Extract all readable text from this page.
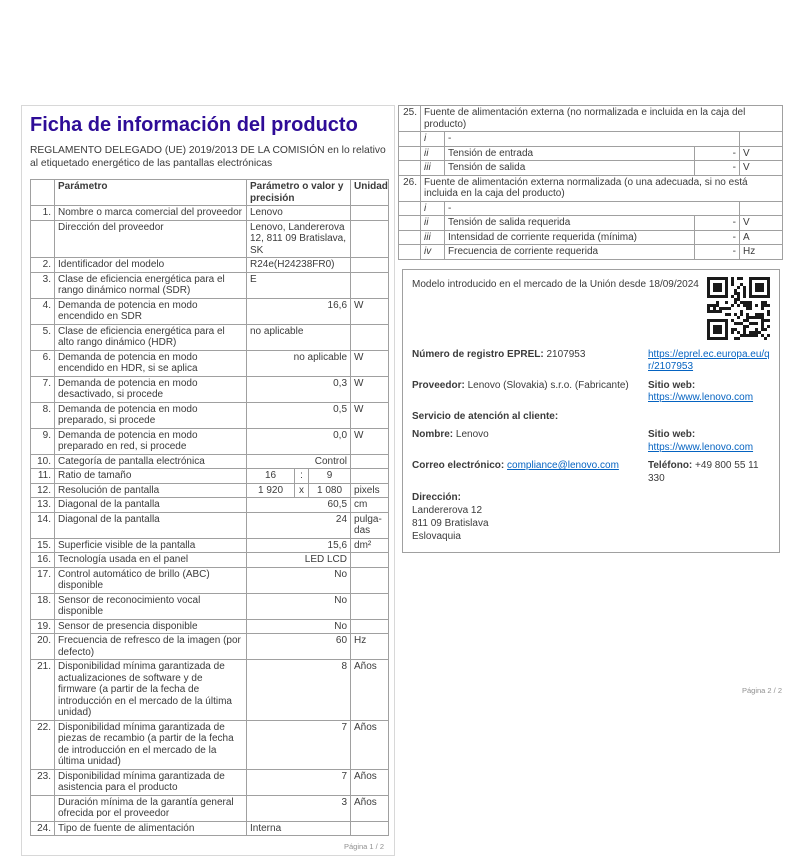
Ficha de información del producto

REGLAMENTO DELEGADO (UE) 2019/2013 DE LA COMISIÓN en lo relativo al etiquetado energético de las pantallas electrónicas

	Parámetro	Parámetro o valor y precisión			Unidad
1.	Nombre o marca comercial del proveedor	Lenovo			
	Dirección del proveedor	Lenovo, Landererova 12, 811 09 Bratislava, SK			
2.	Identificador del modelo	R24e(H24238FR0)			
3.	Clase de eficiencia energética para el rango dinámico normal (SDR)	E			
4.	Demanda de potencia en modo encendido en SDR	16,6			W
5.	Clase de eficiencia energética para el alto rango dinámico (HDR)	no aplicable			
6.	Demanda de potencia en modo encendido en HDR, si se aplica	no aplicable			W
7.	Demanda de potencia en modo desactivado, si procede	0,3			W
8.	Demanda de potencia en modo preparado, si procede	0,5			W
9.	Demanda de potencia en modo preparado en red, si procede	0,0			W
10.	Categoría de pantalla electrónica	Control			
11.	Ratio de tamaño	16	:	9	
12.	Resolución de pantalla	1 920	x	1 080	pixels
13.	Diagonal de la pantalla	60,5			cm
14.	Diagonal de la pantalla	24			pulgadas
15.	Superficie visible de la pantalla	15,6			dm²
16.	Tecnología usada en el panel	LED LCD			
17.	Control automático de brillo (ABC) disponible	No			
18.	Sensor de reconocimiento vocal disponible	No			
19.	Sensor de presencia disponible	No			
20.	Frecuencia de refresco de la imagen (por defecto)	60			Hz
21.	Disponibilidad mínima garantizada de actualizaciones de software y de firmware (a partir de la fecha de introducción en el mercado de la última unidad)	8			Años
22.	Disponibilidad mínima garantizada de piezas de recambio (a partir de la fecha de introducción en el mercado de la última unidad)	7			Años
23.	Disponibilidad mínima garantizada de asistencia para el producto	7			Años
	Duración mínima de la garantía general ofrecida por el proveedor	3			Años
24.	Tipo de fuente de alimentación	Interna			
Página 1 / 2
25.	Fuente de alimentación externa (no normalizada e incluida en la caja del producto)			
	i	-		
	ii	Tensión de entrada	-	V
	iii	Tensión de salida	-	V
26.	Fuente de alimentación externa normalizada (o una adecuada, si no está incluida en la caja del producto)			
	i	-		
	ii	Tensión de salida requerida	-	V
	iii	Intensidad de corriente requerida (mínima)	-	A
	iv	Frecuencia de corriente requerida	-	Hz
Modelo introducido en el mercado de la Unión desde 18/09/2024
Número de registro EPREL: 2107953	https://eprel.ec.europa.eu/qr/2107953
Proveedor: Lenovo (Slovakia) s.r.o. (Fabricante)	Sitio web: https://www.lenovo.com
Servicio de atención al cliente:
Nombre: Lenovo	Sitio web: https://www.lenovo.com
Correo electrónico: compliance@lenovo.com	Teléfono: +49 800 55 11 330
Dirección:
Landererova 12
811 09 Bratislava
Eslovaquia
Página 2 / 2
